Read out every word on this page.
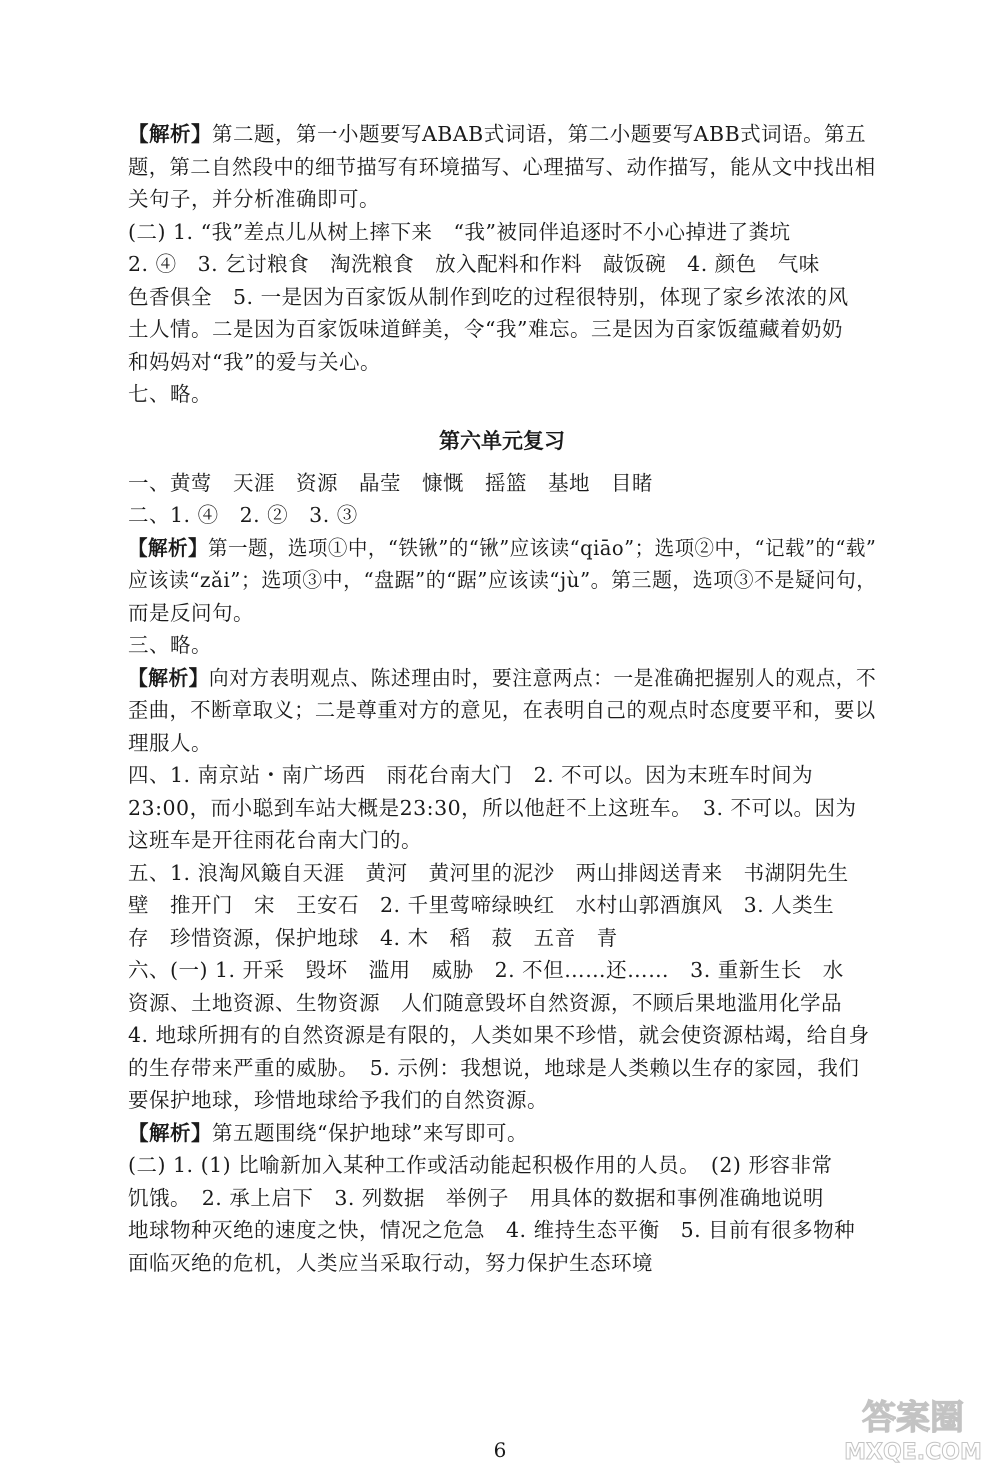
【解析】第二题，第一小题要写ABAB式词语，第二小题要写ABB式词语。第五
题，第二自然段中的细节描写有环境描写、心理描写、动作描写，能从文中找出相
关句子，并分析准确即可。
(二) 1. “我”差点儿从树上摔下来　“我”被同伴追逐时不小心掉进了粪坑
2. ④　3. 乞讨粮食　淘洗粮食　放入配料和作料　敲饭碗　4. 颜色　气味
色香俱全　5. 一是因为百家饭从制作到吃的过程很特别，体现了家乡浓浓的风
土人情。二是因为百家饭味道鲜美，令“我”难忘。三是因为百家饭蕴藏着奶奶
和妈妈对“我”的爱与关心。
七、略。
第六单元复习
一、黄莺　天涯　资源　晶莹　慷慨　摇篮　基地　目睹
二、1. ④　2. ②　3. ③
【解析】第一题，选项①中，“铁锹”的“锹”应该读“qiāo”；选项②中，“记载”的“载”
应该读“zǎi”；选项③中，“盘踞”的“踞”应该读“jù”。第三题，选项③不是疑问句，
而是反问句。
三、略。
【解析】向对方表明观点、陈述理由时，要注意两点：一是准确把握别人的观点，不
歪曲，不断章取义；二是尊重对方的意见，在表明自己的观点时态度要平和，要以
理服人。
四、1. 南京站・南广场西　雨花台南大门　2. 不可以。因为末班车时间为
23:00，而小聪到车站大概是23:30，所以他赶不上这班车。　3. 不可以。因为
这班车是开往雨花台南大门的。
五、1. 浪淘风簸自天涯　黄河　黄河里的泥沙　两山排闼送青来　书湖阴先生
壁　推开门　宋　王安石　2. 千里莺啼绿映红　水村山郭酒旗风　3. 人类生
存　珍惜资源，保护地球　4. 木　稻　菽　五音　青
六、(一) 1. 开采　毁坏　滥用　威胁　2. 不但……还……　3. 重新生长　水
资源、土地资源、生物资源　人们随意毁坏自然资源，不顾后果地滥用化学品
4. 地球所拥有的自然资源是有限的，人类如果不珍惜，就会使资源枯竭，给自身
的生存带来严重的威胁。　5. 示例：我想说，地球是人类赖以生存的家园，我们
要保护地球，珍惜地球给予我们的自然资源。
【解析】第五题围绕“保护地球”来写即可。
(二) 1. (1) 比喻新加入某种工作或活动能起积极作用的人员。　(2) 形容非常
饥饿。　2. 承上启下　3. 列数据　举例子　用具体的数据和事例准确地说明
地球物种灭绝的速度之快，情况之危急　4. 维持生态平衡　5. 目前有很多物种
面临灭绝的危机，人类应当采取行动，努力保护生态环境
6
答案圈
MXQE.COM
